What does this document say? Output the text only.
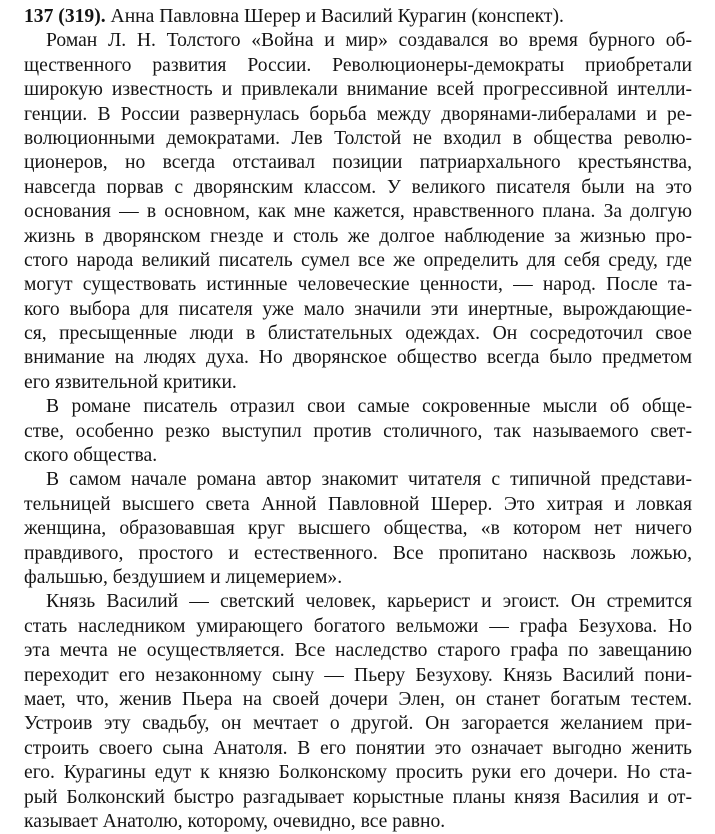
137 (319). Анна Павловна Шерер и Василий Курагин (конспект).
Роман Л. Н. Толстого «Война и мир» создавался во время бурного об-
щественного развития России. Революционеры-демократы приобретали
широкую известность и привлекали внимание всей прогрессивной интелли-
генции. В России развернулась борьба между дворянами-либералами и ре-
волюционными демократами. Лев Толстой не входил в общества револю-
ционеров, но всегда отстаивал позиции патриархального крестьянства,
навсегда порвав с дворянским классом. У великого писателя были на это
основания — в основном, как мне кажется, нравственного плана. За долгую
жизнь в дворянском гнезде и столь же долгое наблюдение за жизнью про-
стого народа великий писатель сумел все же определить для себя среду, где
могут существовать истинные человеческие ценности, — народ. После та-
кого выбора для писателя уже мало значили эти инертные, вырождающие-
ся, пресыщенные люди в блистательных одеждах. Он сосредоточил свое
внимание на людях духа. Но дворянское общество всегда было предметом
его язвительной критики.
В романе писатель отразил свои самые сокровенные мысли об обще-
стве, особенно резко выступил против столичного, так называемого свет-
ского общества.
В самом начале романа автор знакомит читателя с типичной представи-
тельницей высшего света Анной Павловной Шерер. Это хитрая и ловкая
женщина, образовавшая круг высшего общества, «в котором нет ничего
правдивого, простого и естественного. Все пропитано насквозь ложью,
фальшью, бездушием и лицемерием».
Князь Василий — светский человек, карьерист и эгоист. Он стремится
стать наследником умирающего богатого вельможи — графа Безухова. Но
эта мечта не осуществляется. Все наследство старого графа по завещанию
переходит его незаконному сыну — Пьеру Безухову. Князь Василий пони-
мает, что, женив Пьера на своей дочери Элен, он станет богатым тестем.
Устроив эту свадьбу, он мечтает о другой. Он загорается желанием при-
строить своего сына Анатоля. В его понятии это означает выгодно женить
его. Курагины едут к князю Болконскому просить руки его дочери. Но ста-
рый Болконский быстро разгадывает корыстные планы князя Василия и от-
казывает Анатолю, которому, очевидно, все равно.
